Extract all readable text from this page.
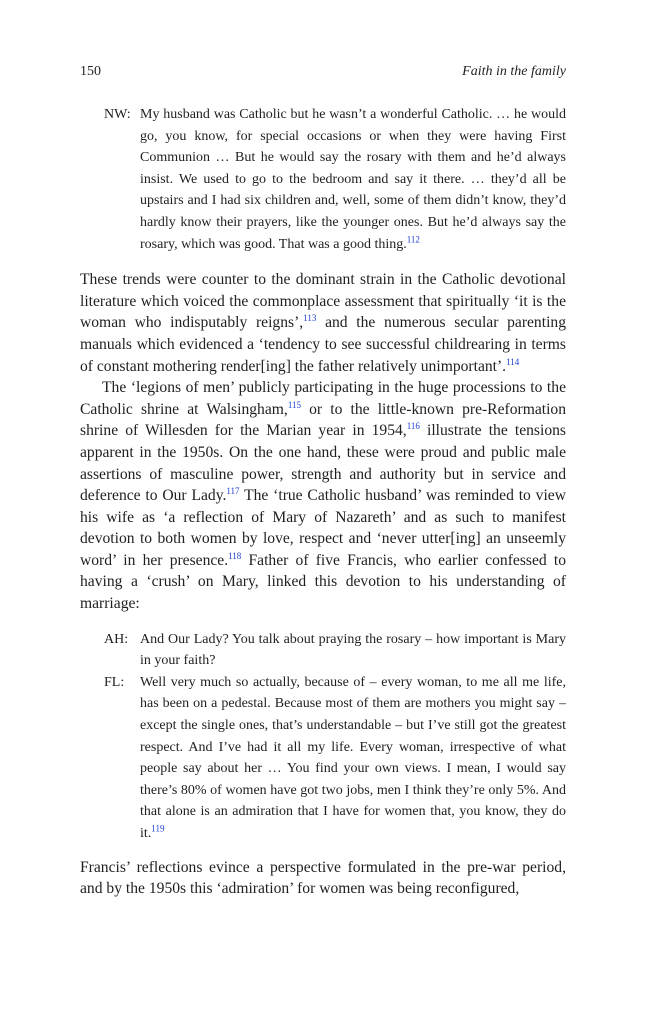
150	Faith in the family
NW: My husband was Catholic but he wasn’t a wonderful Catholic. … he would go, you know, for special occasions or when they were having First Communion … But he would say the rosary with them and he’d always insist. We used to go to the bedroom and say it there. … they’d all be upstairs and I had six children and, well, some of them didn’t know, they’d hardly know their prayers, like the younger ones. But he’d always say the rosary, which was good. That was a good thing.$^{112}$

These trends were counter to the dominant strain in the Catholic devotional literature which voiced the commonplace assessment that spiritually ‘it is the woman who indisputably reigns’,$^{113}$ and the numerous secular parenting manuals which evidenced a ‘tendency to see successful childrearing in terms of constant mothering render[ing] the father relatively unimportant’.$^{114}$

The ‘legions of men’ publicly participating in the huge processions to the Catholic shrine at Walsingham,$^{115}$ or to the little-known pre-Reformation shrine of Willesden for the Marian year in 1954,$^{116}$ illustrate the tensions apparent in the 1950s. On the one hand, these were proud and public male assertions of masculine power, strength and authority but in service and deference to Our Lady.$^{117}$ The ‘true Catholic husband’ was reminded to view his wife as ‘a reflection of Mary of Nazareth’ and as such to manifest devotion to both women by love, respect and ‘never utter[ing] an unseemly word’ in her presence.$^{118}$ Father of five Francis, who earlier confessed to having a ‘crush’ on Mary, linked this devotion to his understanding of marriage:

AH: And Our Lady? You talk about praying the rosary – how important is Mary in your faith?
FL:	Well very much so actually, because of – every woman, to me all me life, has been on a pedestal. Because most of them are mothers you might say – except the single ones, that’s understandable – but I’ve still got the greatest respect. And I’ve had it all my life. Every woman, irrespective of what people say about her … You find your own views. I mean, I would say there’s 80% of women have got two jobs, men I think they’re only 5%. And that alone is an admiration that I have for women that, you know, they do it.$^{119}$

Francis’ reflections evince a perspective formulated in the pre-war period, and by the 1950s this ‘admiration’ for women was being reconfigured,
